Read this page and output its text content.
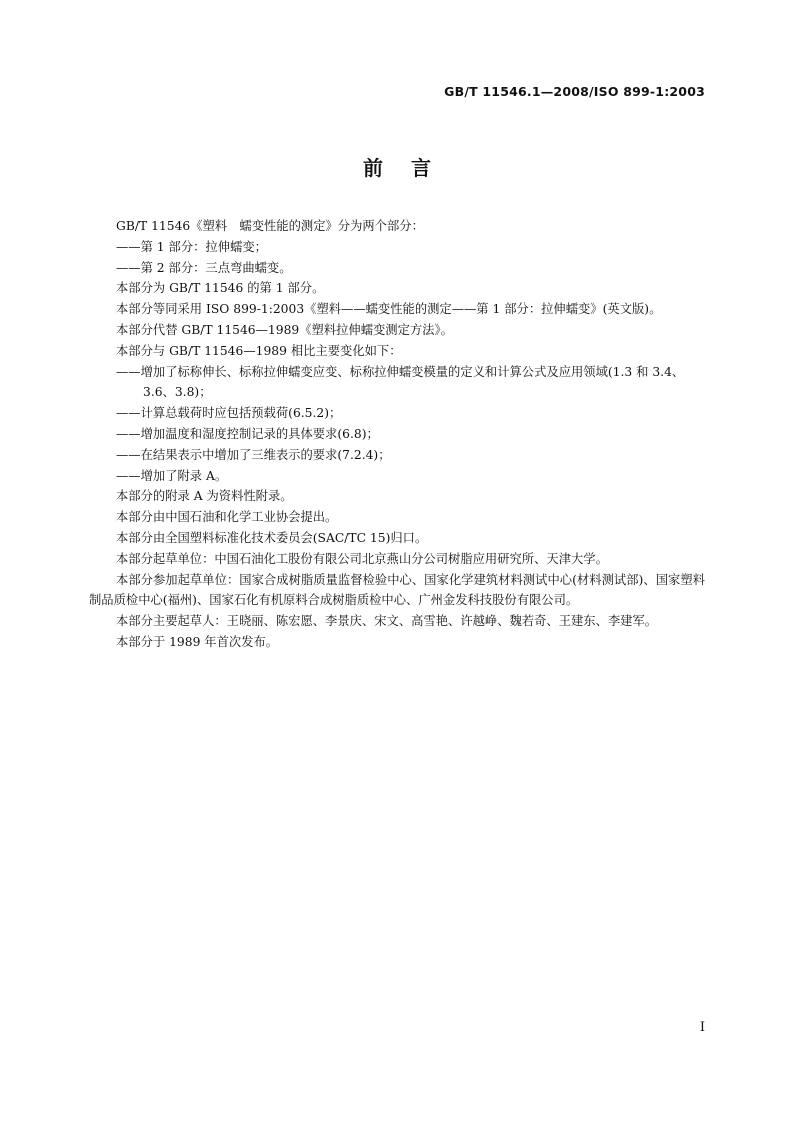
GB/T 11546.1—2008/ISO 899-1:2003
前言

GB/T 11546《塑料　蠕变性能的测定》分为两个部分：

——第 1 部分：拉伸蠕变；

——第 2 部分：三点弯曲蠕变。

本部分为 GB/T 11546 的第 1 部分。

本部分等同采用 ISO 899-1:2003《塑料——蠕变性能的测定——第 1 部分：拉伸蠕变》(英文版)。

本部分代替 GB/T 11546—1989《塑料拉伸蠕变测定方法》。

本部分与 GB/T 11546—1989 相比主要变化如下：

——增加了标称伸长、标称拉伸蠕变应变、标称拉伸蠕变模量的定义和计算公式及应用领域(1.3 和 3.4、3.6、3.8)；

——计算总载荷时应包括预载荷(6.5.2)；

——增加温度和湿度控制记录的具体要求(6.8)；

——在结果表示中增加了三维表示的要求(7.2.4)；

——增加了附录 A。

本部分的附录 A 为资料性附录。

本部分由中国石油和化学工业协会提出。

本部分由全国塑料标准化技术委员会(SAC/TC 15)归口。

本部分起草单位：中国石油化工股份有限公司北京燕山分公司树脂应用研究所、天津大学。

本部分参加起草单位：国家合成树脂质量监督检验中心、国家化学建筑材料测试中心(材料测试部)、国家塑料制品质检中心(福州)、国家石化有机原料合成树脂质检中心、广州金发科技股份有限公司。

本部分主要起草人：王晓丽、陈宏愿、李景庆、宋文、高雪艳、许越峥、魏若奇、王建东、李建军。

本部分于 1989 年首次发布。

I
